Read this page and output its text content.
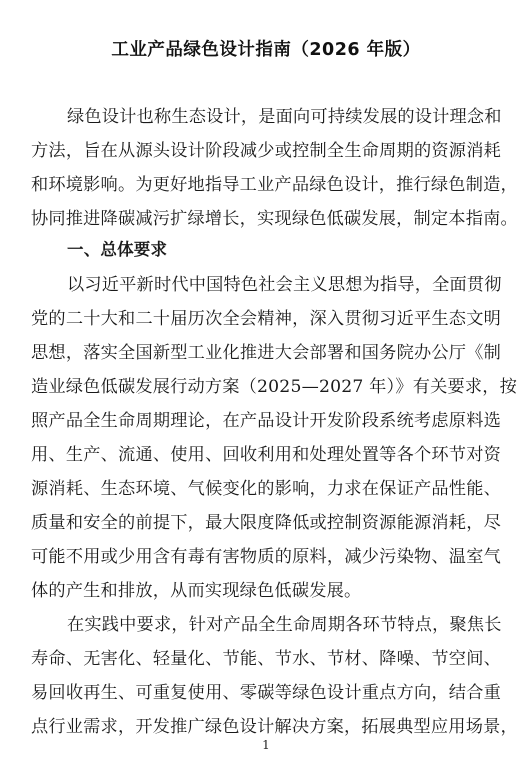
工业产品绿色设计指南（2026 年版）
绿色设计也称生态设计，是面向可持续发展的设计理念和
方法，旨在从源头设计阶段减少或控制全生命周期的资源消耗
和环境影响。为更好地指导工业产品绿色设计，推行绿色制造，
协同推进降碳减污扩绿增长，实现绿色低碳发展，制定本指南。
一、总体要求
以习近平新时代中国特色社会主义思想为指导，全面贯彻
党的二十大和二十届历次全会精神，深入贯彻习近平生态文明
思想，落实全国新型工业化推进大会部署和国务院办公厅《制
造业绿色低碳发展行动方案（2025—2027 年）》有关要求，按
照产品全生命周期理论，在产品设计开发阶段系统考虑原料选
用、生产、流通、使用、回收利用和处理处置等各个环节对资
源消耗、生态环境、气候变化的影响，力求在保证产品性能、
质量和安全的前提下，最大限度降低或控制资源能源消耗，尽
可能不用或少用含有毒有害物质的原料，减少污染物、温室气
体的产生和排放，从而实现绿色低碳发展。
在实践中要求，针对产品全生命周期各环节特点，聚焦长
寿命、无害化、轻量化、节能、节水、节材、降噪、节空间、
易回收再生、可重复使用、零碳等绿色设计重点方向，结合重
点行业需求，开发推广绿色设计解决方案，拓展典型应用场景，
1
